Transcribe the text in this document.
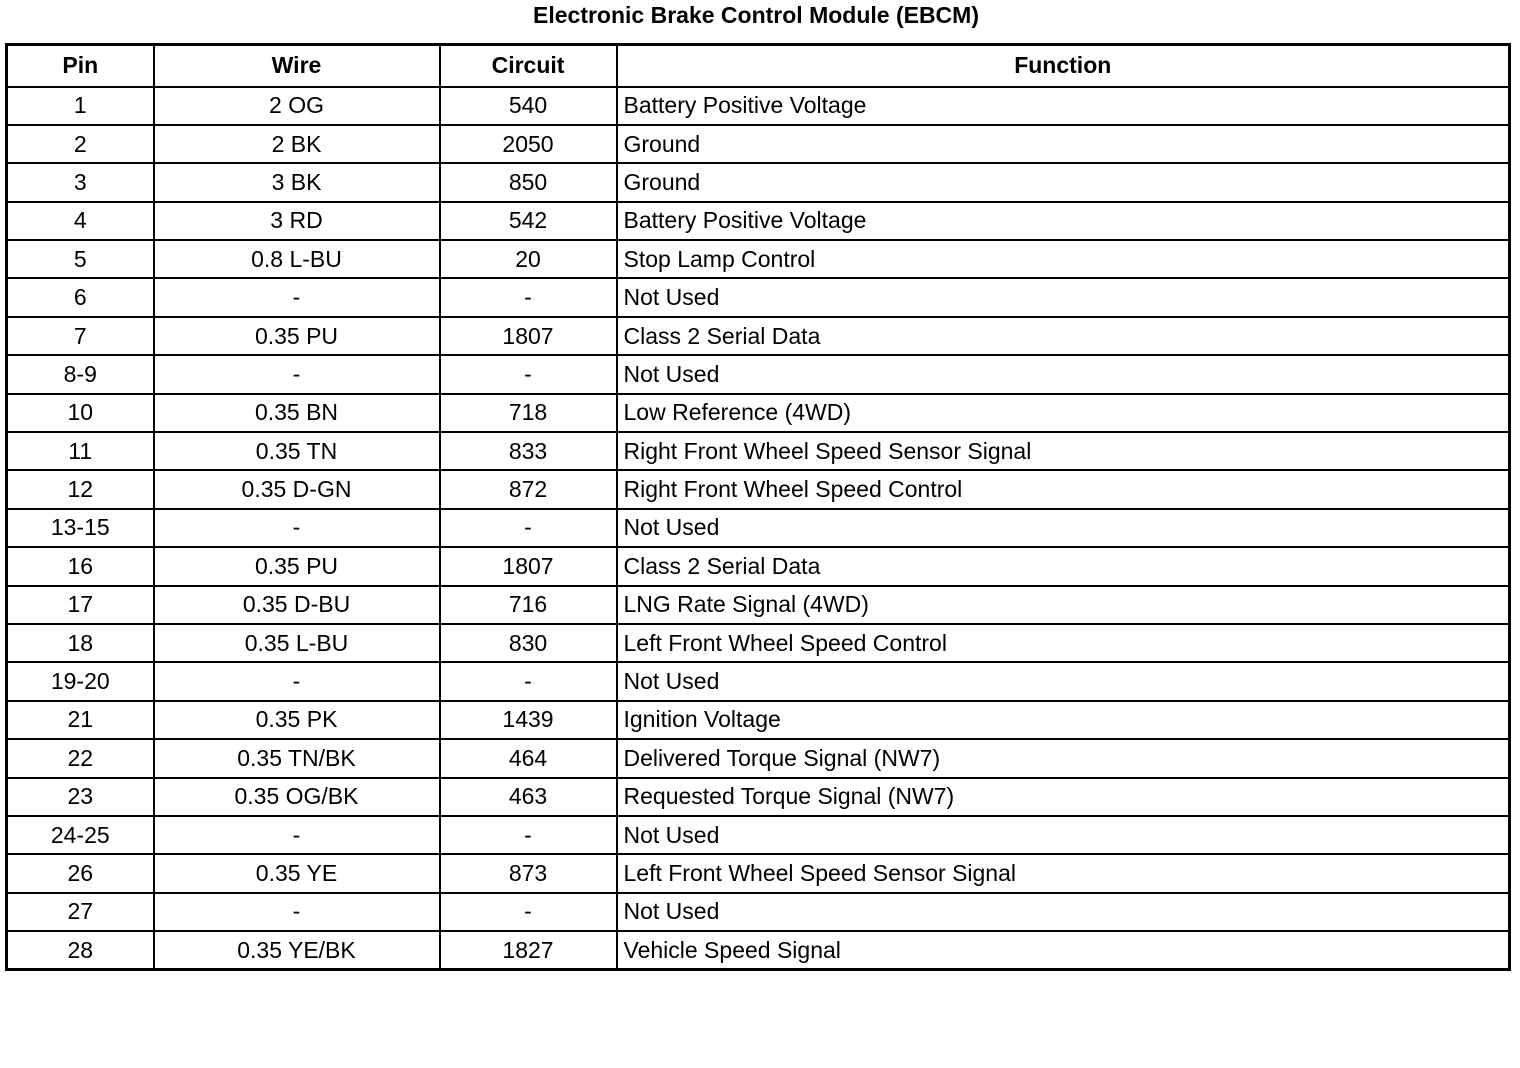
Electronic Brake Control Module (EBCM)
Pin	Wire	Circuit	Function
1	2 OG	540	Battery Positive Voltage
2	2 BK	2050	Ground
3	3 BK	850	Ground
4	3 RD	542	Battery Positive Voltage
5	0.8 L-BU	20	Stop Lamp Control
6	-	-	Not Used
7	0.35 PU	1807	Class 2 Serial Data
8-9	-	-	Not Used
10	0.35 BN	718	Low Reference (4WD)
11	0.35 TN	833	Right Front Wheel Speed Sensor Signal
12	0.35 D-GN	872	Right Front Wheel Speed Control
13-15	-	-	Not Used
16	0.35 PU	1807	Class 2 Serial Data
17	0.35 D-BU	716	LNG Rate Signal (4WD)
18	0.35 L-BU	830	Left Front Wheel Speed Control
19-20	-	-	Not Used
21	0.35 PK	1439	Ignition Voltage
22	0.35 TN/BK	464	Delivered Torque Signal (NW7)
23	0.35 OG/BK	463	Requested Torque Signal (NW7)
24-25	-	-	Not Used
26	0.35 YE	873	Left Front Wheel Speed Sensor Signal
27	-	-	Not Used
28	0.35 YE/BK	1827	Vehicle Speed Signal
